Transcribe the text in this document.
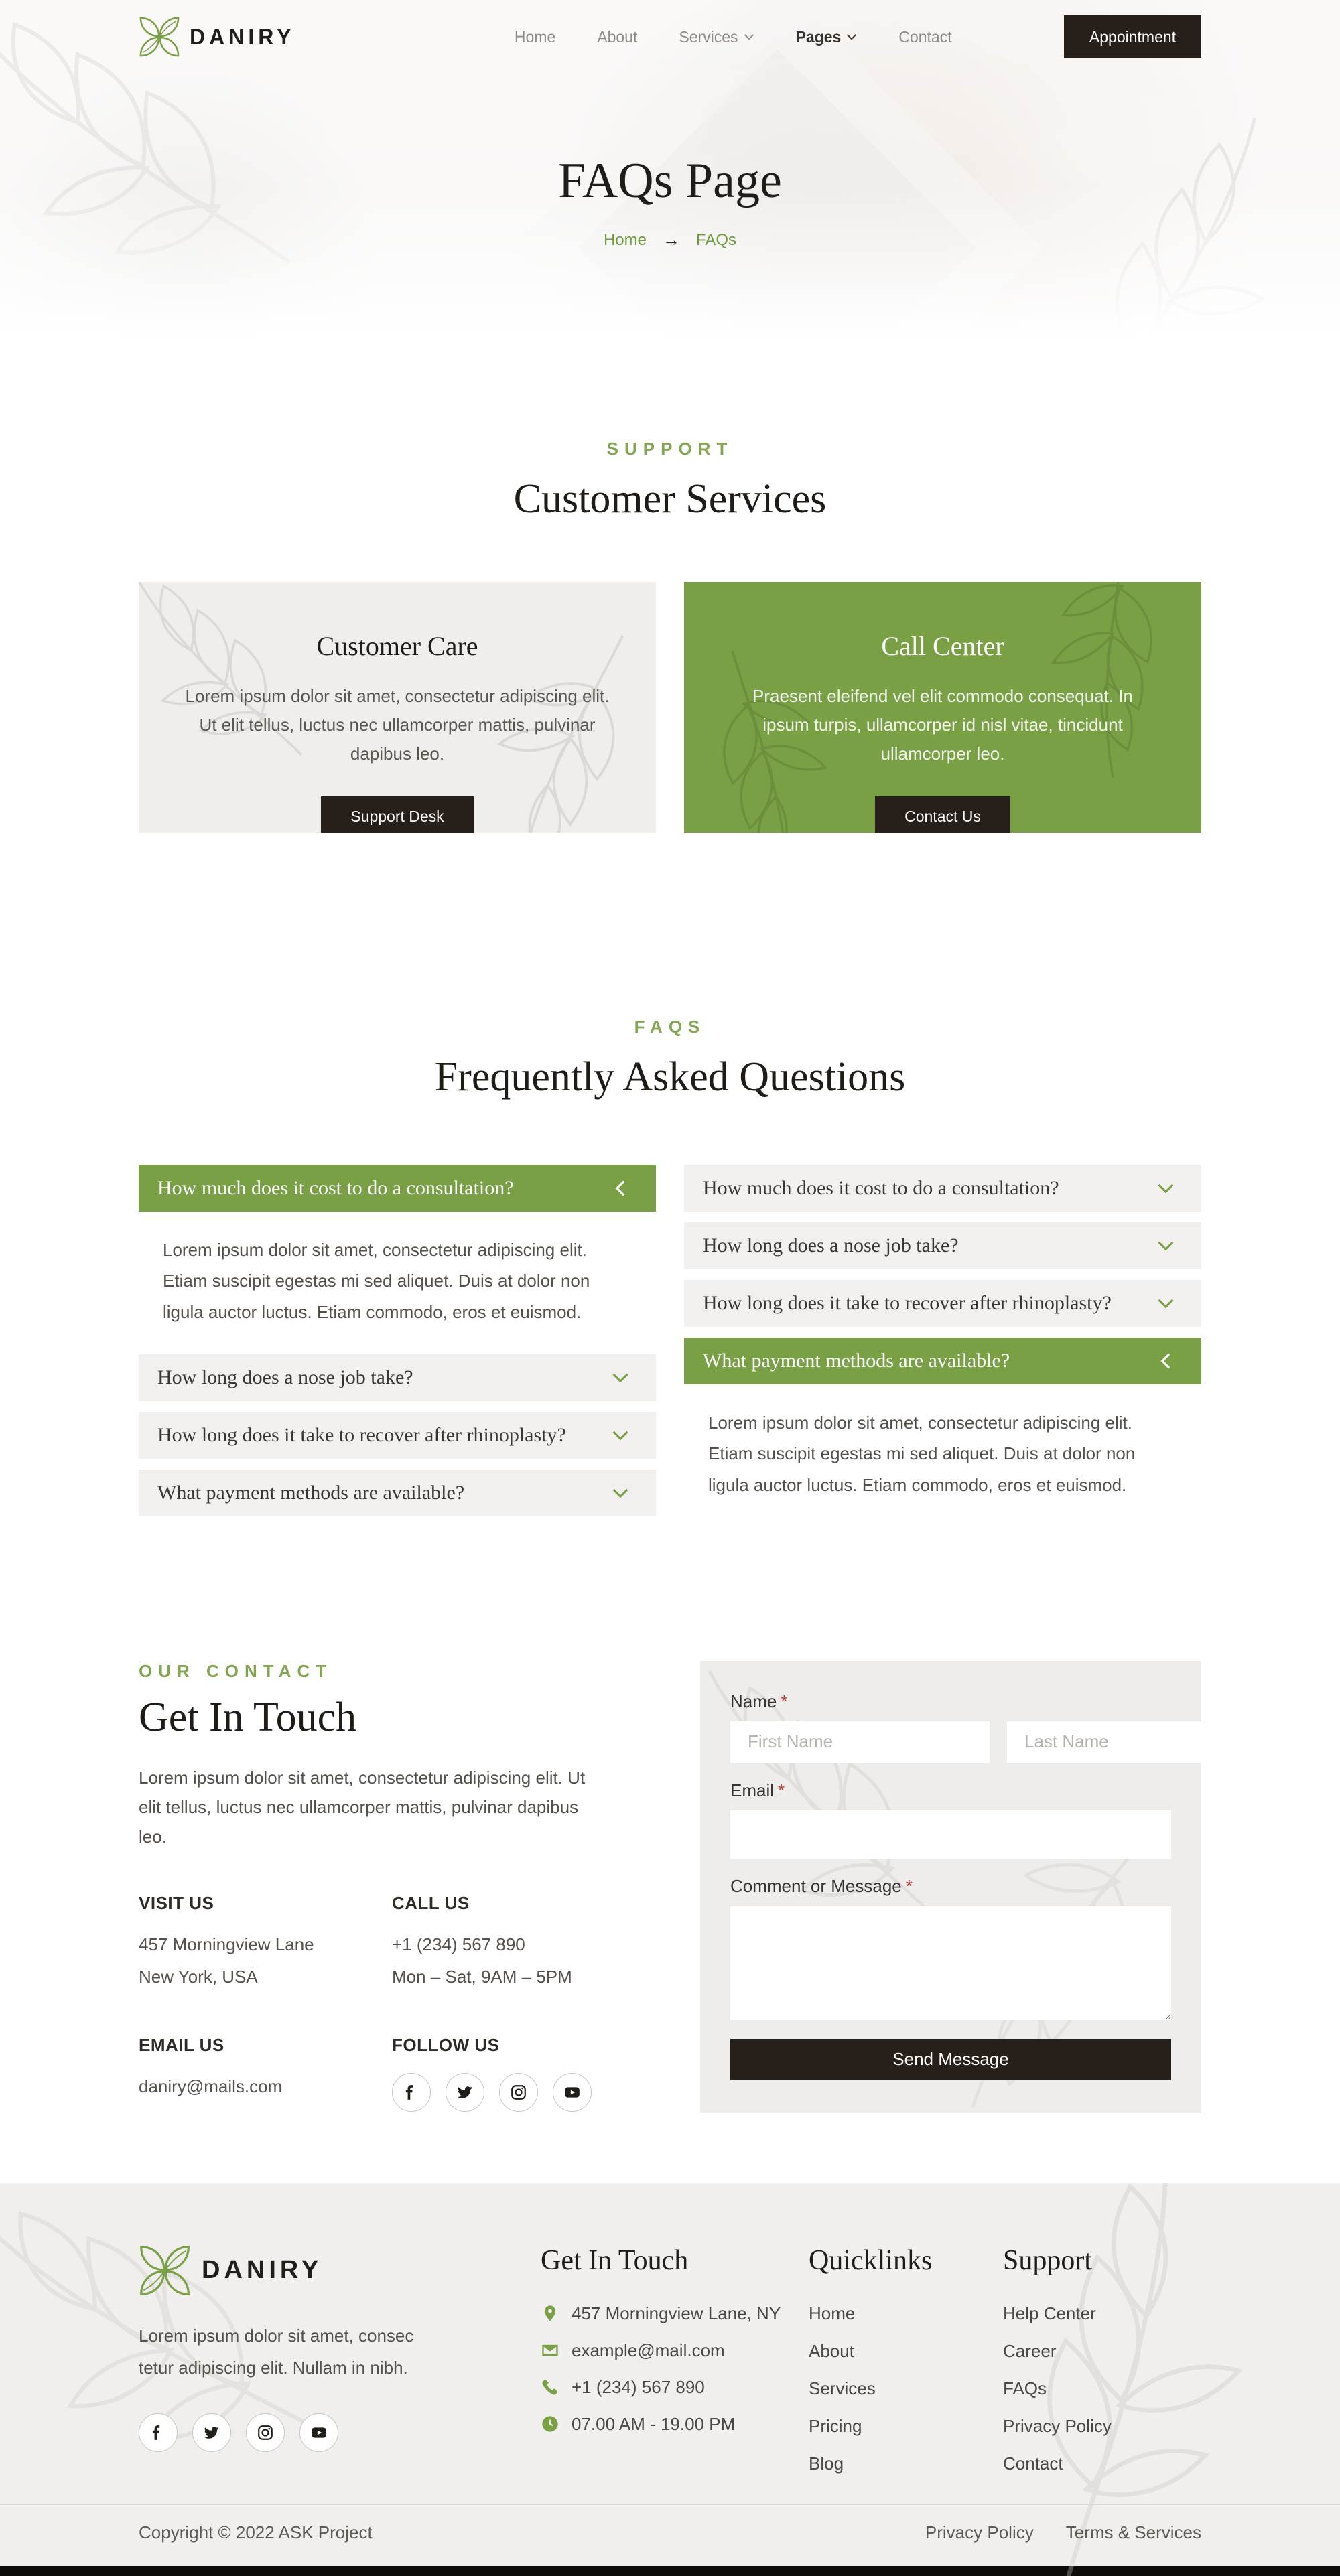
DANIRY	Home	About	Services	Pages	Contact	Appointment
FAQs Page
Home → FAQs
SUPPORT
Customer Services
Customer Care
Lorem ipsum dolor sit amet, consectetur adipiscing elit. Ut elit tellus, luctus nec ullamcorper mattis, pulvinar dapibus leo.
Support Desk
Call Center
Praesent eleifend vel elit commodo consequat. In ipsum turpis, ullamcorper id nisl vitae, tincidunt ullamcorper leo.
Contact Us
FAQS
Frequently Asked Questions
How much does it cost to do a consultation?
Lorem ipsum dolor sit amet, consectetur adipiscing elit. Etiam suscipit egestas mi sed aliquet. Duis at dolor non ligula auctor luctus. Etiam commodo, eros et euismod.
How long does a nose job take?
How long does it take to recover after rhinoplasty?
What payment methods are available?
How much does it cost to do a consultation?
How long does a nose job take?
How long does it take to recover after rhinoplasty?
What payment methods are available?
Lorem ipsum dolor sit amet, consectetur adipiscing elit. Etiam suscipit egestas mi sed aliquet. Duis at dolor non ligula auctor luctus. Etiam commodo, eros et euismod.
OUR CONTACT
Get In Touch

Lorem ipsum dolor sit amet, consectetur adipiscing elit. Ut elit tellus, luctus nec ullamcorper mattis, pulvinar dapibus leo.

VISIT US
457 Morningview Lane
New York, USA
CALL US
+1 (234) 567 890
Mon – Sat, 9AM – 5PM
EMAIL US
daniry@mails.com
FOLLOW US
Name *
First Name
Last Name
Email *
Comment or Message *
Send Message
DANIRY

Lorem ipsum dolor sit amet, consec tetur adipiscing elit. Nullam in nibh.

Get In Touch
457 Morningview Lane, NY
example@mail.com
+1 (234) 567 890
07.00 AM - 19.00 PM
Quicklinks
Home
About
Services
Pricing
Blog
Support
Help Center
Career
FAQs
Privacy Policy
Contact
Copyright © 2022 ASK Project	Privacy Policy Terms & Services
